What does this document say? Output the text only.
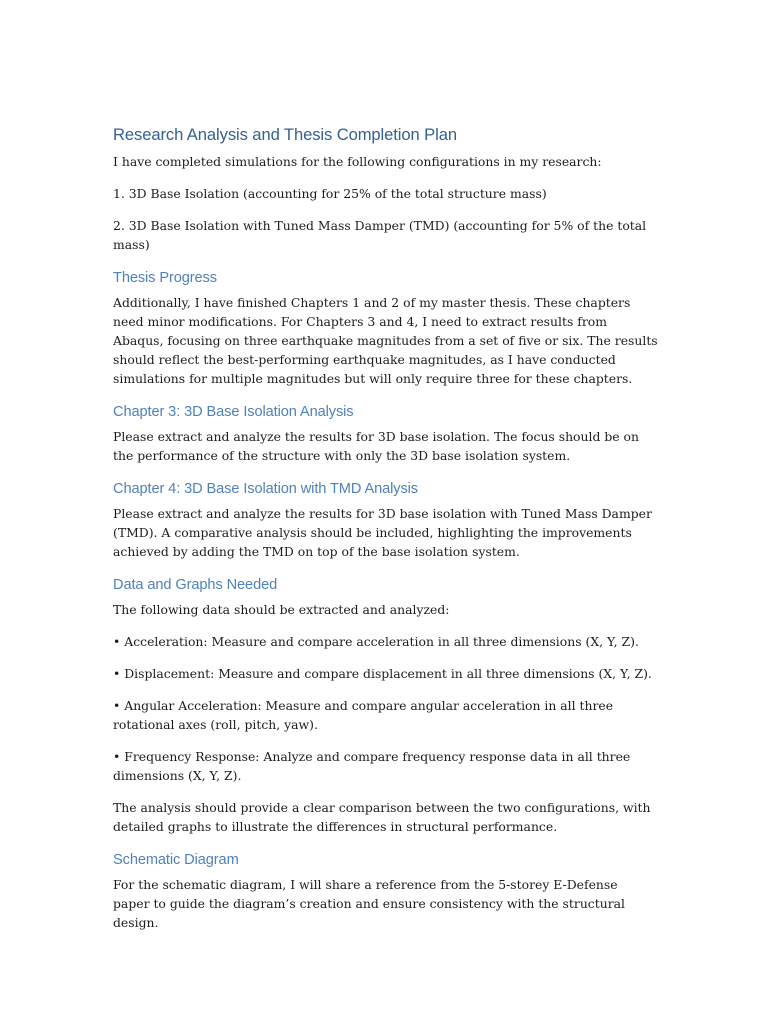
Research Analysis and Thesis Completion Plan

I have completed simulations for the following configurations in my research:

1. 3D Base Isolation (accounting for 25% of the total structure mass)

2. 3D Base Isolation with Tuned Mass Damper (TMD) (accounting for 5% of the total mass)

Thesis Progress

Additionally, I have finished Chapters 1 and 2 of my master thesis. These chapters need minor modifications. For Chapters 3 and 4, I need to extract results from Abaqus, focusing on three earthquake magnitudes from a set of five or six. The results should reflect the best-performing earthquake magnitudes, as I have conducted simulations for multiple magnitudes but will only require three for these chapters.

Chapter 3: 3D Base Isolation Analysis

Please extract and analyze the results for 3D base isolation. The focus should be on the performance of the structure with only the 3D base isolation system.

Chapter 4: 3D Base Isolation with TMD Analysis

Please extract and analyze the results for 3D base isolation with Tuned Mass Damper (TMD). A comparative analysis should be included, highlighting the improvements achieved by adding the TMD on top of the base isolation system.

Data and Graphs Needed

The following data should be extracted and analyzed:

• Acceleration: Measure and compare acceleration in all three dimensions (X, Y, Z).

• Displacement: Measure and compare displacement in all three dimensions (X, Y, Z).

• Angular Acceleration: Measure and compare angular acceleration in all three rotational axes (roll, pitch, yaw).

• Frequency Response: Analyze and compare frequency response data in all three dimensions (X, Y, Z).

The analysis should provide a clear comparison between the two configurations, with detailed graphs to illustrate the differences in structural performance.

Schematic Diagram

For the schematic diagram, I will share a reference from the 5-storey E-Defense paper to guide the diagram’s creation and ensure consistency with the structural design.
